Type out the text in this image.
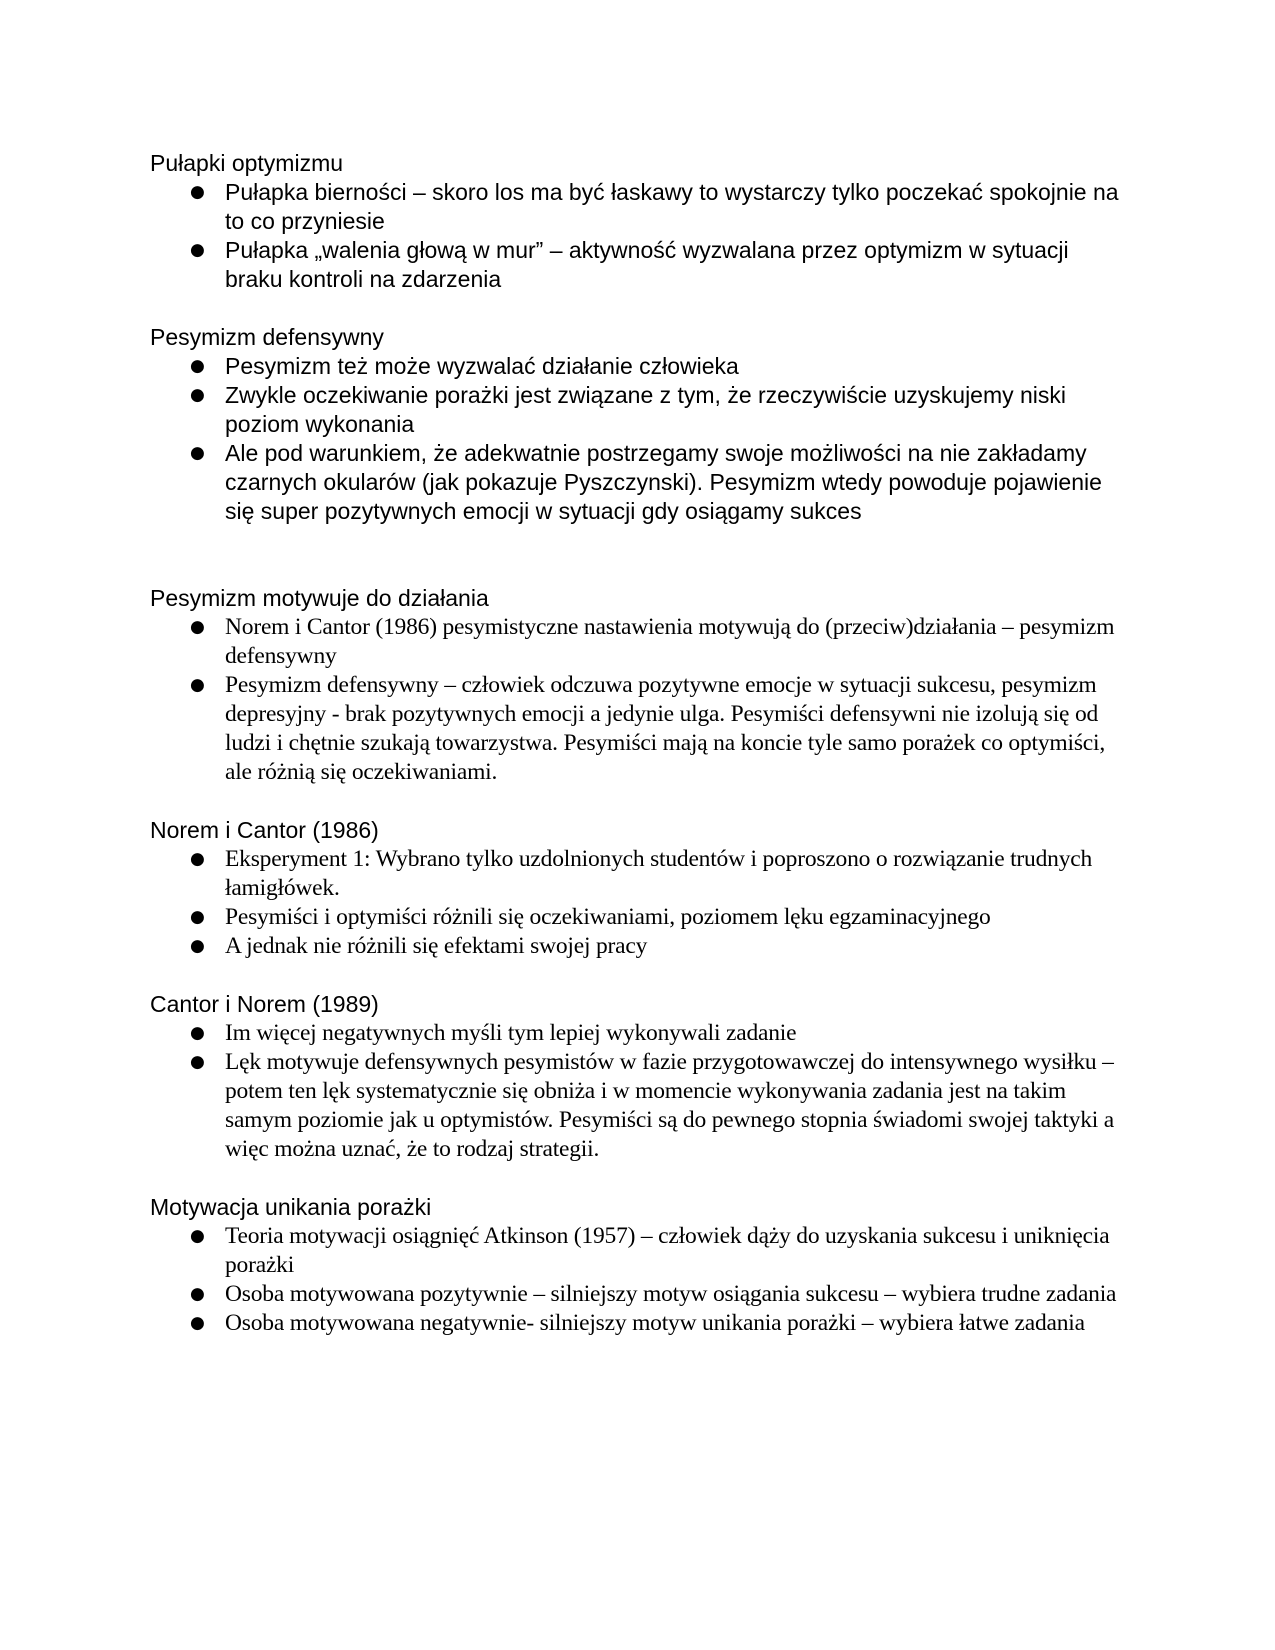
Pułapki optymizmu

● Pułapka bierności – skoro los ma być łaskawy to wystarczy tylko poczekać spokojnie na to co przyniesie
● Pułapka „walenia głową w mur” – aktywność wyzwalana przez optymizm w sytuacji braku kontroli na zdarzenia

Pesymizm defensywny

● Pesymizm też może wyzwalać działanie człowieka
● Zwykle oczekiwanie porażki jest związane z tym, że rzeczywiście uzyskujemy niski poziom wykonania
● Ale pod warunkiem, że adekwatnie postrzegamy swoje możliwości na nie zakładamy czarnych okularów (jak pokazuje Pyszczynski). Pesymizm wtedy powoduje pojawienie się super pozytywnych emocji w sytuacji gdy osiągamy sukces

Pesymizm motywuje do działania

● Norem i Cantor (1986) pesymistyczne nastawienia motywują do (przeciw)działania – pesymizm defensywny
● Pesymizm defensywny – człowiek odczuwa pozytywne emocje w sytuacji sukcesu, pesymizm depresyjny - brak pozytywnych emocji a jedynie ulga. Pesymiści defensywni nie izolują się od ludzi i chętnie szukają towarzystwa. Pesymiści mają na koncie tyle samo porażek co optymiści, ale różnią się oczekiwaniami.

Norem i Cantor (1986)

● Eksperyment 1: Wybrano tylko uzdolnionych studentów i poproszono o rozwiązanie trudnych łamigłówek.
● Pesymiści i optymiści różnili się oczekiwaniami, poziomem lęku egzaminacyjnego
● A jednak nie różnili się efektami swojej pracy

Cantor i Norem (1989)

● Im więcej negatywnych myśli tym lepiej wykonywali zadanie
● Lęk motywuje defensywnych pesymistów w fazie przygotowawczej do intensywnego wysiłku – potem ten lęk systematycznie się obniża i w momencie wykonywania zadania jest na takim samym poziomie jak u optymistów. Pesymiści są do pewnego stopnia świadomi swojej taktyki a więc można uznać, że to rodzaj strategii.

Motywacja unikania porażki

● Teoria motywacji osiągnięć Atkinson (1957) – człowiek dąży do uzyskania sukcesu i uniknięcia porażki
● Osoba motywowana pozytywnie – silniejszy motyw osiągania sukcesu – wybiera trudne zadania
● Osoba motywowana negatywnie- silniejszy motyw unikania porażki – wybiera łatwe zadania
